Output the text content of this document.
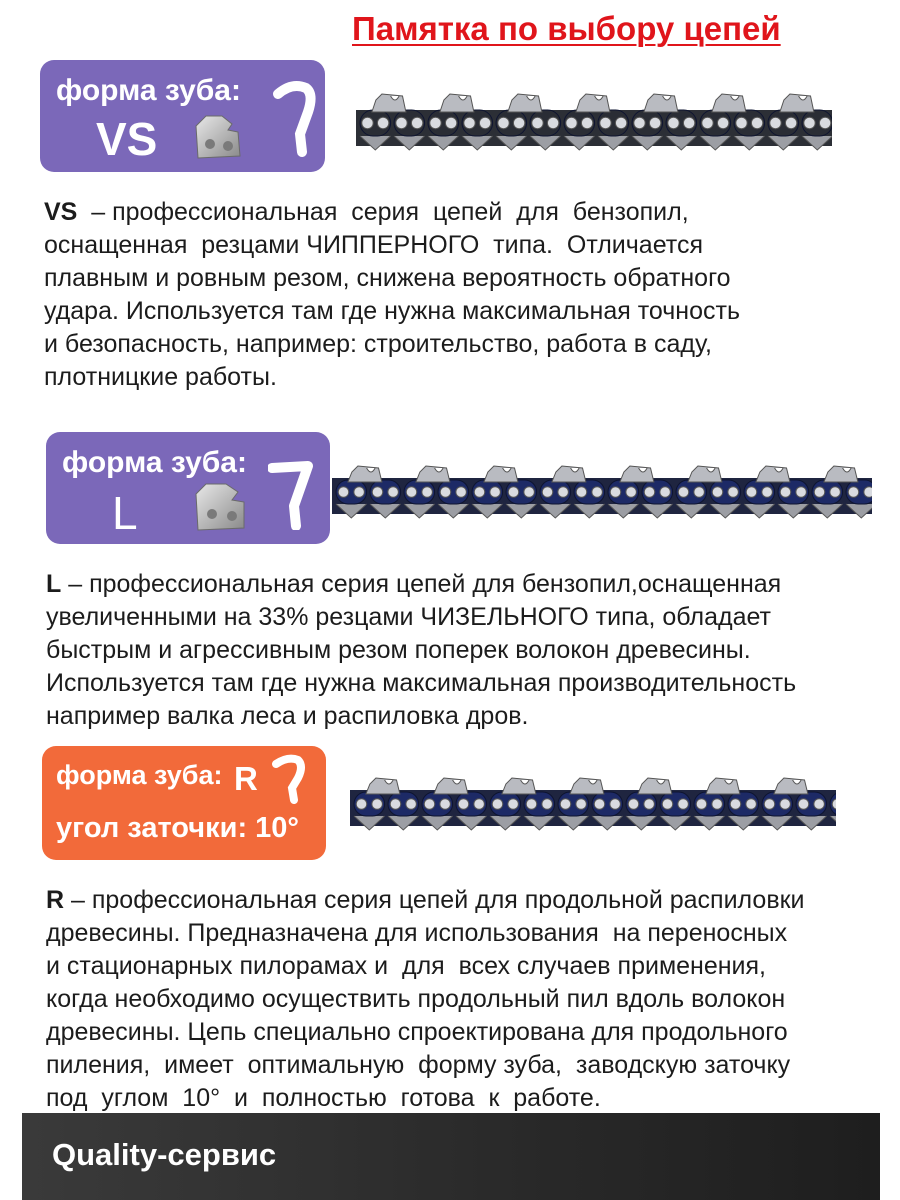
Памятка по выбору цепей
форма зуба:
VS
VS  – профессиональная  серия  цепей  для  бензопил,
оснащенная  резцами ЧИППЕРНОГО  типа.  Отличается
плавным и ровным резом, снижена вероятность обратного
удара. Используется там где нужна максимальная точность
и безопасность, например: строительство, работа в саду,
плотницкие работы.
форма зуба:
L
L – профессиональная серия цепей для бензопил,оснащенная
увеличенными на 33% резцами ЧИЗЕЛЬНОГО типа, обладает
быстрым и агрессивным резом поперек волокон древесины.
Используется там где нужна максимальная производительность
например валка леса и распиловка дров.
форма зуба: R
угол заточки: 10°
R – профессиональная серия цепей для продольной распиловки
древесины. Предназначена для использования  на переносных
и стационарных пилорамах и  для  всех случаев применения,
когда необходимо осуществить продольный пил вдоль волокон
древесины. Цепь специально спроектирована для продольного
пиления,  имеет  оптимальную  форму зуба,  заводскую заточку
под  углом  10°  и  полностью  готова  к  работе.
Quality-сервис
